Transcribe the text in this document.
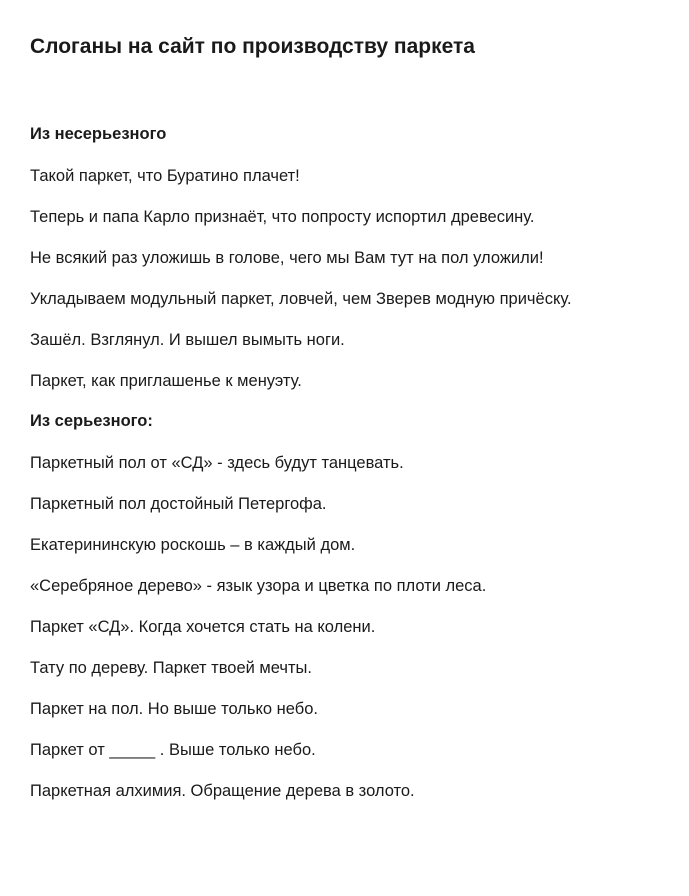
Слоганы на сайт по производству паркета

Из несерьезного

Такой паркет, что Буратино плачет!

Теперь и папа Карло признаёт, что попросту испортил древесину.

Не всякий раз уложишь в голове, чего мы Вам тут на пол уложили!

Укладываем модульный паркет, ловчей, чем Зверев модную причёску.

Зашёл. Взглянул. И вышел вымыть ноги.

Паркет, как приглашенье к менуэту.

Из серьезного:

Паркетный пол от «СД» - здесь будут танцевать.

Паркетный пол достойный Петергофа.

Екатерининскую роскошь – в каждый дом.

«Серебряное дерево» - язык узора и цветка по плоти леса.

Паркет «СД». Когда хочется стать на колени.

Тату по дереву. Паркет твоей мечты.

Паркет на пол. Но выше только небо.

Паркет от _____ . Выше только небо.

Паркетная алхимия. Обращение дерева в золото.
